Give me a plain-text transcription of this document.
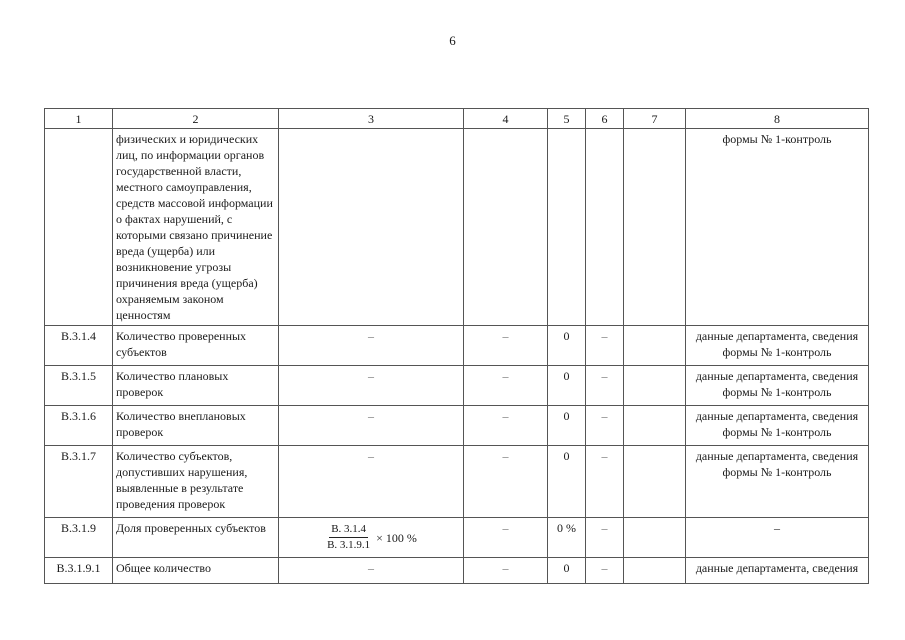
6
1	2	3	4	5	6	7	8
	физических и юридических лиц, по информации органов государственной власти, местного самоуправления, средств массовой информации о фактах нарушений, с которыми связано причинение вреда (ущерба) или возникновение угрозы причинения вреда (ущерба) охраняемым законом ценностям						формы № 1-контроль
В.3.1.4	Количество проверенных субъектов	–	–	0	–		данные департамента, сведения формы № 1-контроль
В.3.1.5	Количество плановых проверок	–	–	0	–		данные департамента, сведения формы № 1-контроль
В.3.1.6	Количество внеплановых проверок	–	–	0	–		данные департамента, сведения формы № 1-контроль
В.3.1.7	Количество субъектов, допустивших нарушения, выявленные в результате проведения проверок	–	–	0	–		данные департамента, сведения формы № 1-контроль
В.3.1.9	Доля проверенных субъектов	$\frac{В. 3.1.4}{В. 3.1.9.1} \times 100$ %	–	0 %	–		–
В.3.1.9.1	Общее количество	–	–	0	–		данные департамента, сведения
